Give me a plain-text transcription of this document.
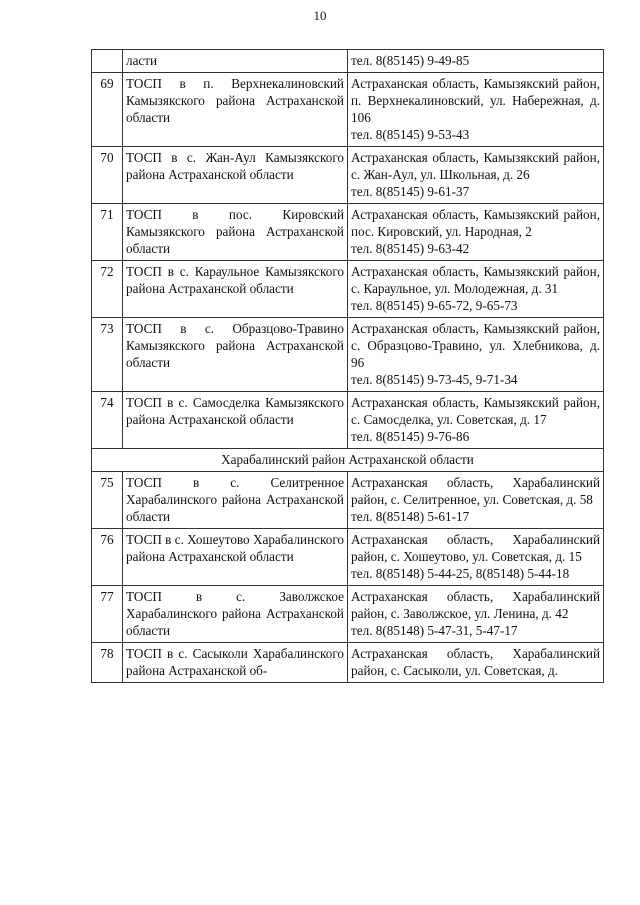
10
	ласти	тел. 8(85145) 9-49-85

69	ТОСП в п. Верхнекалиновский Камызякского района Астраханской области	Астраханская область, Камызякский район, п. Верхнекалиновский, ул. Набережная, д. 106
тел. 8(85145) 9-53-43

70	ТОСП в с. Жан-Аул Камызякского района Астраханской области	Астраханская область, Камызякский район, с. Жан-Аул, ул. Школьная, д. 26
тел. 8(85145) 9-61-37

71	ТОСП в пос. Кировский Камызякского района Астраханской области	Астраханская область, Камызякский район, пос. Кировский, ул. Народная, 2
тел. 8(85145) 9-63-42

72	ТОСП в с. Караульное Камызякского района Астраханской области	Астраханская область, Камызякский район, с. Караульное, ул. Молодежная, д. 31
тел. 8(85145) 9-65-72, 9-65-73

73	ТОСП в с. Образцово-Травино Камызякского района Астраханской области	Астраханская область, Камызякский район, с. Образцово-Травино, ул. Хлебникова, д. 96
тел. 8(85145) 9-73-45, 9-71-34

74	ТОСП в с. Самосделка Камызякского района Астраханской области	Астраханская область, Камызякский район, с. Самосделка, ул. Советская, д. 17
тел. 8(85145) 9-76-86

Харабалинский район Астраханской области		
75	ТОСП в с. Селитренное Харабалинского района Астраханской области	Астраханская область, Харабалинский район, с. Селитренное, ул. Советская, д. 58
тел. 8(85148) 5-61-17

76	ТОСП в с. Хошеутово Харабалинского района Астраханской области	Астраханская область, Харабалинский район, с. Хошеутово, ул. Советская, д. 15
тел. 8(85148) 5-44-25, 8(85148) 5-44-18

77	ТОСП в с. Заволжское Харабалинского района Астраханской области	Астраханская область, Харабалинский район, с. Заволжское, ул. Ленина, д. 42
тел. 8(85148) 5-47-31, 5-47-17

78	ТОСП в с. Сасыколи Харабалинского района Астраханской об-	Астраханская область, Харабалинский район, с. Сасыколи, ул. Советская, д.
